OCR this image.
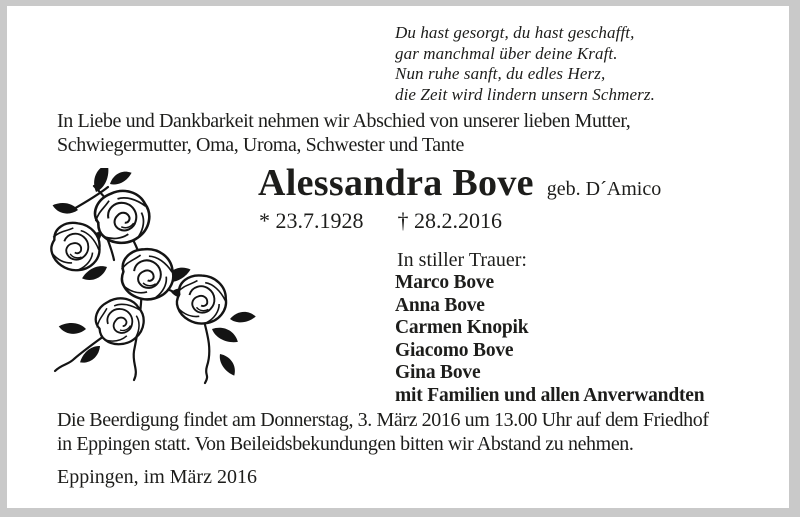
Du hast gesorgt, du hast geschafft,
gar manchmal über deine Kraft.
Nun ruhe sanft, du edles Herz,
die Zeit wird lindern unsern Schmerz.
In Liebe und Dankbarkeit nehmen wir Abschied von unserer lieben Mutter,
Schwiegermutter, Oma, Uroma, Schwester und Tante
Alessandra Bove geb. D´Amico
* 23.7.1928 † 28.2.2016
In stiller Trauer:
Marco Bove
Anna Bove
Carmen Knopik
Giacomo Bove
Gina Bove
mit Familien und allen Anverwandten
Die Beerdigung findet am Donnerstag, 3. März 2016 um 13.00 Uhr auf dem Friedhof
in Eppingen statt. Von Beileidsbekundungen bitten wir Abstand zu nehmen.
Eppingen, im März 2016
